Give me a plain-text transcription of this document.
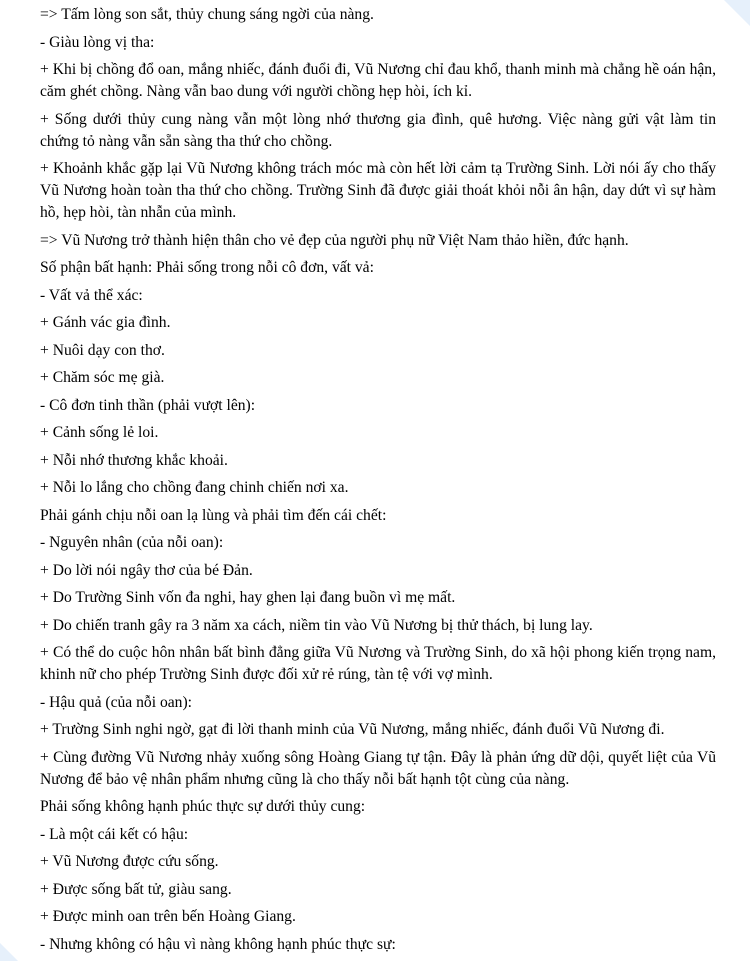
=> Tấm lòng son sắt, thủy chung sáng ngời của nàng.

- Giàu lòng vị tha:

+ Khi bị chồng đổ oan, mắng nhiếc, đánh đuổi đi, Vũ Nương chỉ đau khổ, thanh minh mà chẳng hề oán hận, căm ghét chồng. Nàng vẫn bao dung với người chồng hẹp hòi, ích kỉ.

+ Sống dưới thủy cung nàng vẫn một lòng nhớ thương gia đình, quê hương. Việc nàng gửi vật làm tin chứng tỏ nàng vẫn sẵn sàng tha thứ cho chồng.

+ Khoảnh khắc gặp lại Vũ Nương không trách móc mà còn hết lời cảm tạ Trường Sinh. Lời nói ấy cho thấy Vũ Nương hoàn toàn tha thứ cho chồng. Trường Sinh đã được giải thoát khỏi nỗi ân hận, day dứt vì sự hàm hồ, hẹp hòi, tàn nhẫn của mình.

=> Vũ Nương trở thành hiện thân cho vẻ đẹp của người phụ nữ Việt Nam thảo hiền, đức hạnh.

Số phận bất hạnh: Phải sống trong nỗi cô đơn, vất vả:

- Vất vả thể xác:

+ Gánh vác gia đình.

+ Nuôi dạy con thơ.

+ Chăm sóc mẹ già.

- Cô đơn tinh thần (phải vượt lên):

+ Cảnh sống lẻ loi.

+ Nỗi nhớ thương khắc khoải.

+ Nỗi lo lắng cho chồng đang chinh chiến nơi xa.

Phải gánh chịu nỗi oan lạ lùng và phải tìm đến cái chết:

- Nguyên nhân (của nỗi oan):

+ Do lời nói ngây thơ của bé Đản.

+ Do Trường Sinh vốn đa nghi, hay ghen lại đang buồn vì mẹ mất.

+ Do chiến tranh gây ra 3 năm xa cách, niềm tin vào Vũ Nương bị thử thách, bị lung lay.

+ Có thể do cuộc hôn nhân bất bình đẳng giữa Vũ Nương và Trường Sinh, do xã hội phong kiến trọng nam, khinh nữ cho phép Trường Sinh được đối xử rẻ rúng, tàn tệ với vợ mình.

- Hậu quả (của nỗi oan):

+ Trường Sinh nghi ngờ, gạt đi lời thanh minh của Vũ Nương, mắng nhiếc, đánh đuổi Vũ Nương đi.

+ Cùng đường Vũ Nương nhảy xuống sông Hoàng Giang tự tận. Đây là phản ứng dữ dội, quyết liệt của Vũ Nương để bảo vệ nhân phẩm nhưng cũng là cho thấy nỗi bất hạnh tột cùng của nàng.

Phải sống không hạnh phúc thực sự dưới thủy cung:

- Là một cái kết có hậu:

+ Vũ Nương được cứu sống.

+ Được sống bất tử, giàu sang.

+ Được minh oan trên bến Hoàng Giang.

- Nhưng không có hậu vì nàng không hạnh phúc thực sự:
